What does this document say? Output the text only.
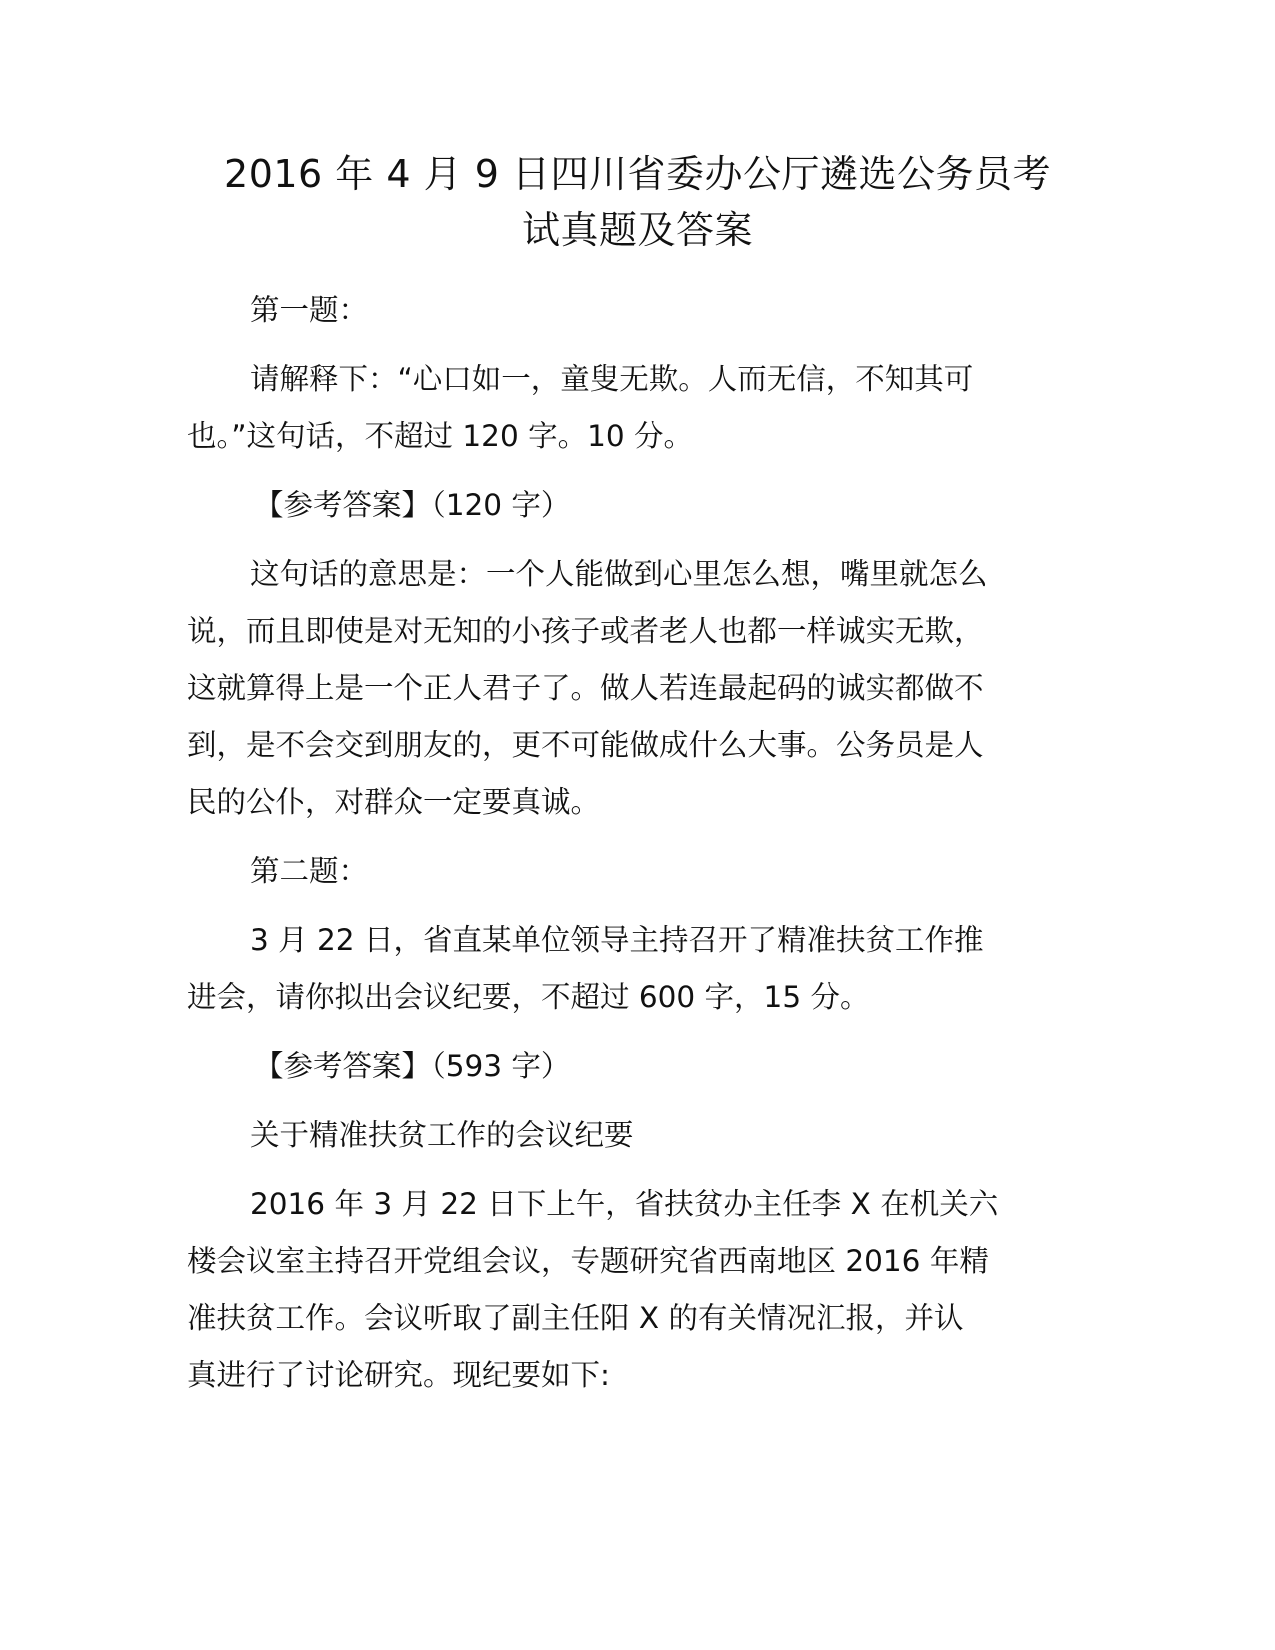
2016 年 4 月 9 日四川省委办公厅遴选公务员考
试真题及答案

第一题：

请解释下：“心口如一，童叟无欺。人而无信，不知其可
也。”这句话，不超过 120 字。10 分。

【参考答案】（120 字）

这句话的意思是：一个人能做到心里怎么想，嘴里就怎么
说，而且即使是对无知的小孩子或者老人也都一样诚实无欺，
这就算得上是一个正人君子了。做人若连最起码的诚实都做不
到，是不会交到朋友的，更不可能做成什么大事。公务员是人
民的公仆，对群众一定要真诚。

第二题：

3 月 22 日，省直某单位领导主持召开了精准扶贫工作推
进会，请你拟出会议纪要，不超过 600 字，15 分。

【参考答案】（593 字）

关于精准扶贫工作的会议纪要

2016 年 3 月 22 日下上午，省扶贫办主任李 X 在机关六
楼会议室主持召开党组会议，专题研究省西南地区 2016 年精
准扶贫工作。会议听取了副主任阳 X 的有关情况汇报，并认
真进行了讨论研究。现纪要如下:
